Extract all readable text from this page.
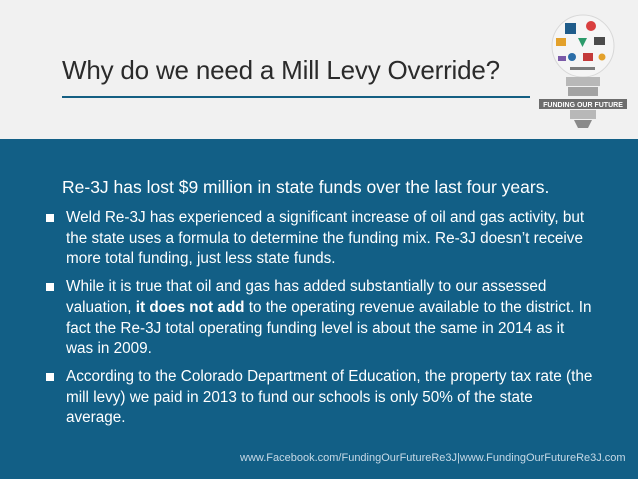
Why do we need a Mill Levy Override?
FUNDING OUR FUTURE
Re-3J has lost $9 million in state funds over the last four years.
Weld Re-3J has experienced a significant increase of oil and gas activity, but the state uses a formula to determine the funding mix. Re-3J doesn’t receive more total funding, just less state funds.
While it is true that oil and gas has added substantially to our assessed valuation, it does not add to the operating revenue available to the district. In fact the Re-3J total operating funding level is about the same in 2014 as it was in 2009.
According to the Colorado Department of Education, the property tax rate (the mill levy) we paid in 2013 to fund our schools is only 50% of the state average.
www.Facebook.com/FundingOurFutureRe3J|www.FundingOurFutureRe3J.com
